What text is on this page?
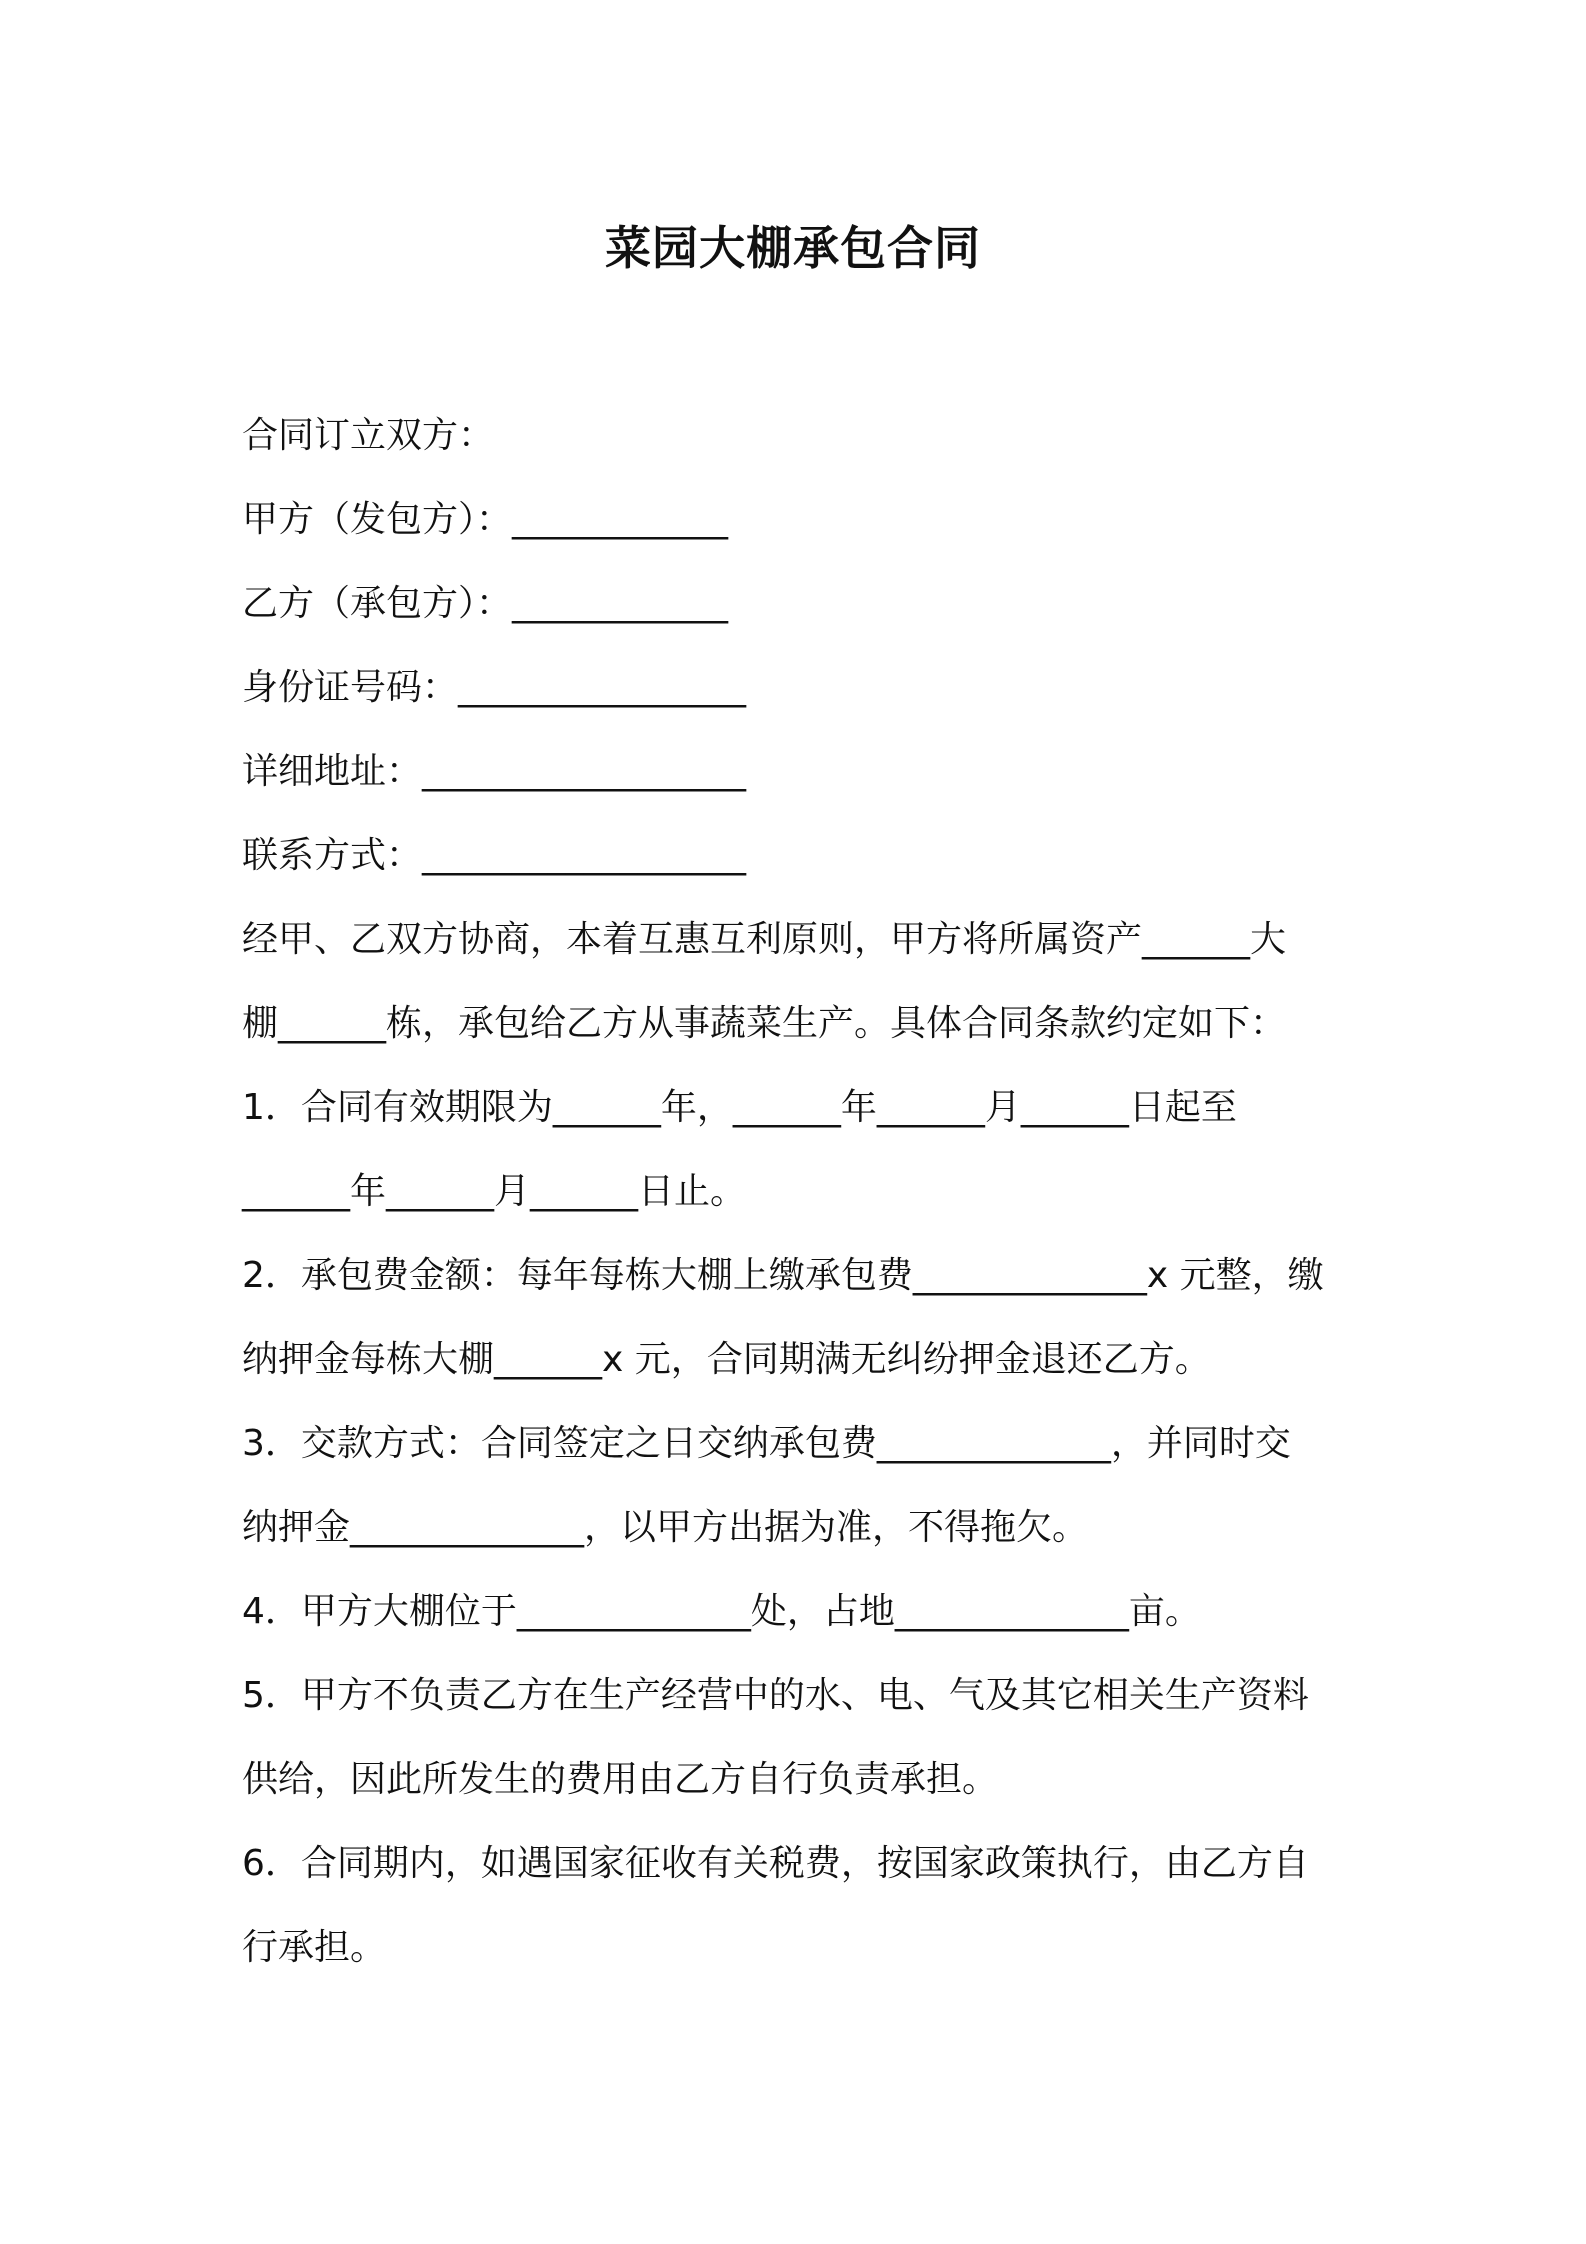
菜园大棚承包合同
合同订立双方：
甲方（发包方）：____________
乙方（承包方）：____________
身份证号码：________________
详细地址：__________________
联系方式：__________________
经甲、乙双方协商，本着互惠互利原则，甲方将所属资产______大
棚______栋，承包给乙方从事蔬菜生产。具体合同条款约定如下：
1．合同有效期限为______年，______年______月______日起至
______年______月______日止。
2．承包费金额：每年每栋大棚上缴承包费_____________x 元整，缴
纳押金每栋大棚______x 元，合同期满无纠纷押金退还乙方。
3．交款方式：合同签定之日交纳承包费_____________，并同时交
纳押金_____________，以甲方出据为准，不得拖欠。
4．甲方大棚位于_____________处，占地_____________亩。
5．甲方不负责乙方在生产经营中的水、电、气及其它相关生产资料
供给，因此所发生的费用由乙方自行负责承担。
6．合同期内，如遇国家征收有关税费，按国家政策执行，由乙方自
行承担。
